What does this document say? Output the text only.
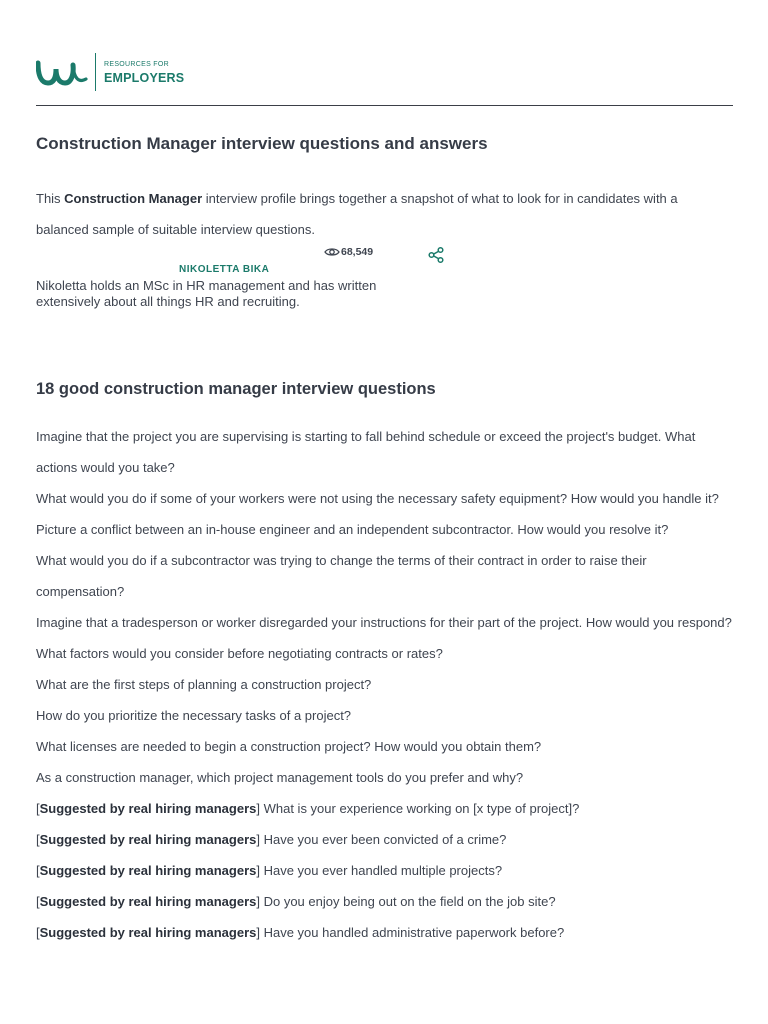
RESOURCES FOR
EMPLOYERS
Construction Manager interview questions and answers

This Construction Manager interview profile brings together a snapshot of what to look for in candidates with a balanced sample of suitable interview questions.

68,549
NIKOLETTA BIKA

Nikoletta holds an MSc in HR management and has written extensively about all things HR and recruiting.

18 good construction manager interview questions
Imagine that the project you are supervising is starting to fall behind schedule or exceed the project's budget. What actions would you take?
What would you do if some of your workers were not using the necessary safety equipment? How would you handle it?
Picture a conflict between an in-house engineer and an independent subcontractor. How would you resolve it?
What would you do if a subcontractor was trying to change the terms of their contract in order to raise their compensation?
Imagine that a tradesperson or worker disregarded your instructions for their part of the project. How would you respond?
What factors would you consider before negotiating contracts or rates?
What are the first steps of planning a construction project?
How do you prioritize the necessary tasks of a project?
What licenses are needed to begin a construction project? How would you obtain them?
As a construction manager, which project management tools do you prefer and why?
[Suggested by real hiring managers] What is your experience working on [x type of project]?
[Suggested by real hiring managers] Have you ever been convicted of a crime?
[Suggested by real hiring managers] Have you ever handled multiple projects?
[Suggested by real hiring managers] Do you enjoy being out on the field on the job site?
[Suggested by real hiring managers] Have you handled administrative paperwork before?
